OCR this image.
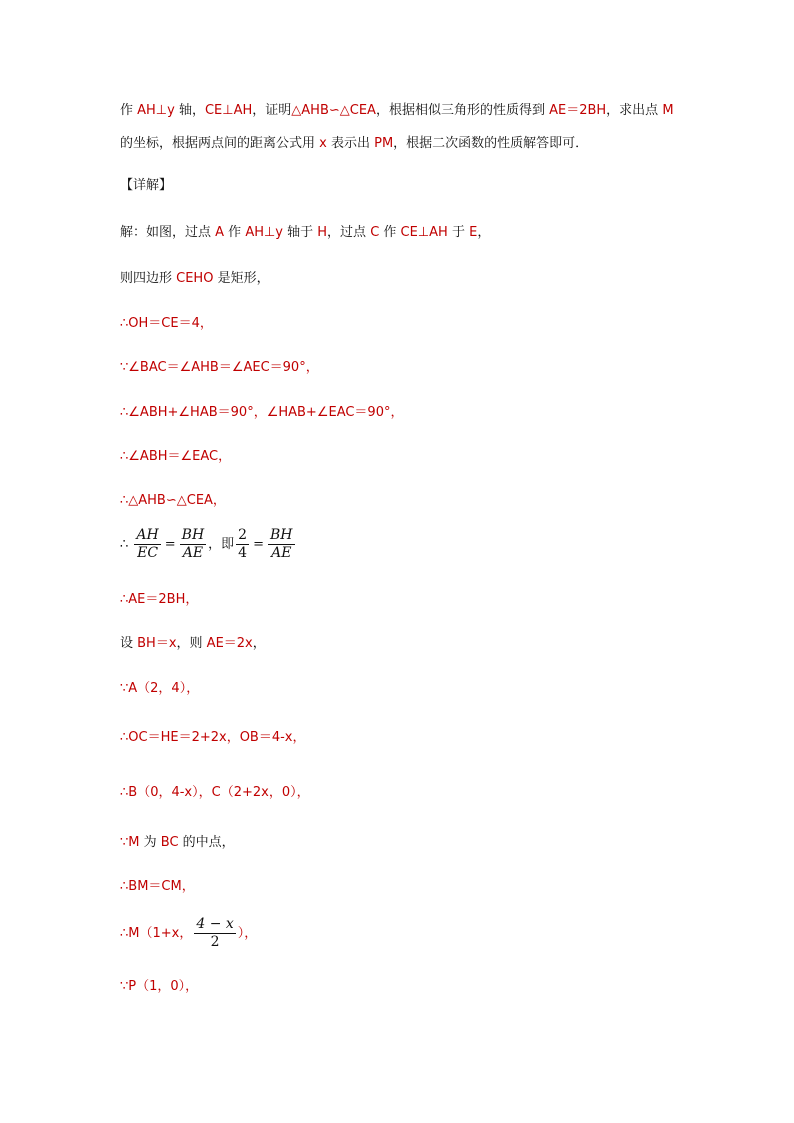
作 AH⊥y 轴，CE⊥AH，证明△AHB∽△CEA，根据相似三角形的性质得到 AE＝2BH，求出点 M
的坐标，根据两点间的距离公式用 x 表示出 PM，根据二次函数的性质解答即可．
【详解】
解：如图，过点 A 作 AH⊥y 轴于 H，过点 C 作 CE⊥AH 于 E，
则四边形 CEHO 是矩形，
∴OH＝CE＝4，
∵∠BAC＝∠AHB＝∠AEC＝90°，
∴∠ABH+∠HAB＝90°，∠HAB+∠EAC＝90°，
∴∠ABH＝∠EAC，
∴△AHB∽△CEA，
∴ $\frac{AH}{EC} = \frac{BH}{AE}$ ，即 $\frac{2}{4} = \frac{BH}{AE}$
∴AE＝2BH，
设 BH＝x，则 AE＝2x，
∵A（2，4），
∴OC＝HE＝2+2x，OB＝4-x，
∴B（0，4-x），C（2+2x，0），
∵M 为 BC 的中点，
∴BM＝CM，
∴M（1+x， $\frac{4 - x}{2}$ ），
∵P（1，0），
